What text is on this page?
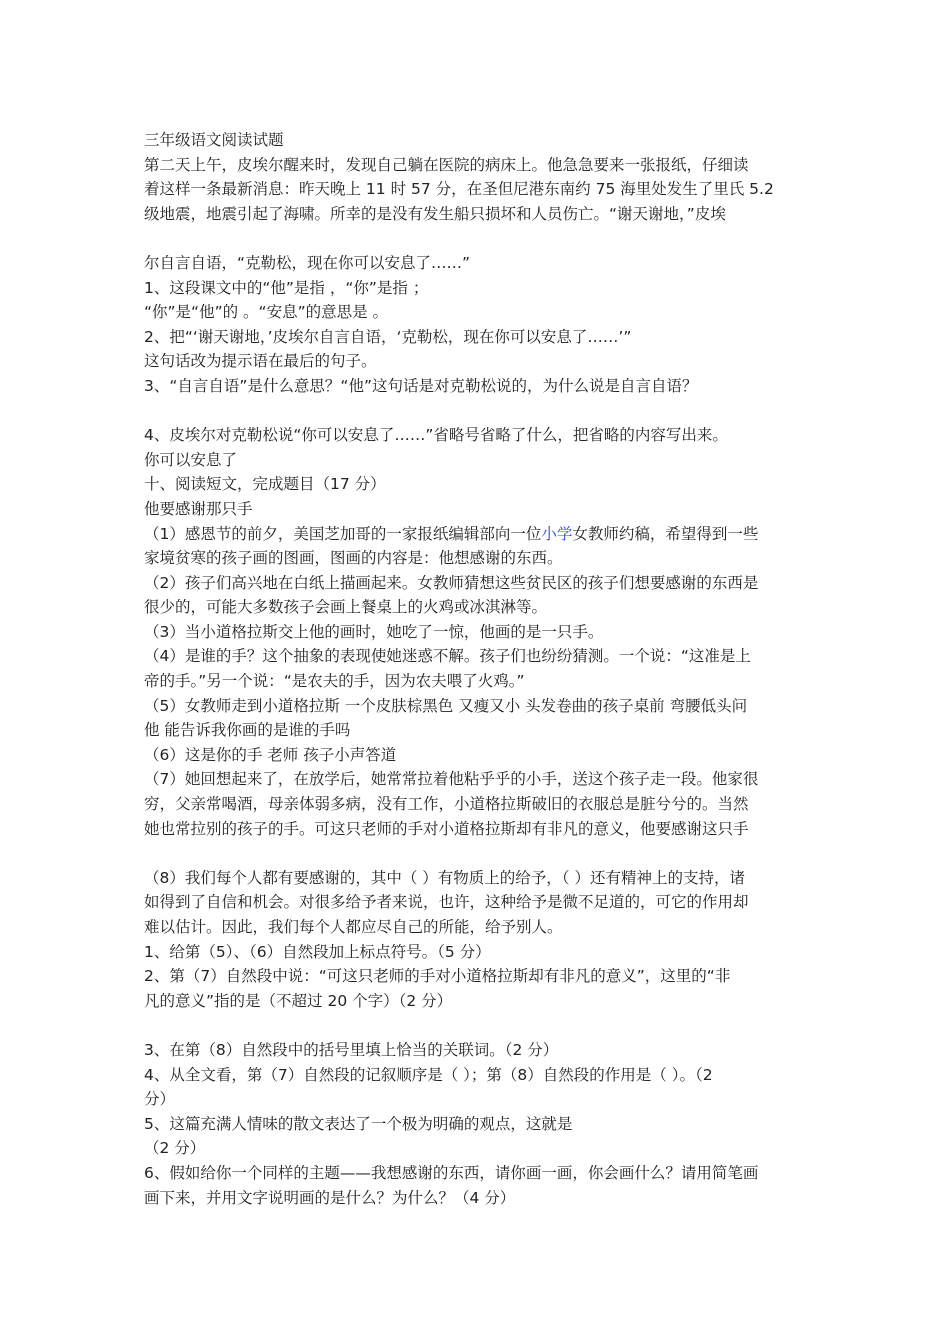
三年级语文阅读试题
第二天上午，皮埃尔醒来时，发现自己躺在医院的病床上。他急急要来一张报纸，仔细读
着这样一条最新消息：昨天晚上 11 时 57 分，在圣但尼港东南约 75 海里处发生了里氏 5.2
级地震，地震引起了海啸。所幸的是没有发生船只损坏和人员伤亡。“谢天谢地，”皮埃
尔自言自语，“克勒松，现在你可以安息了……”
1、这段课文中的“他”是指 ，“你”是指 ；
“你”是“他”的 。“安息”的意思是 。
2、把“‘谢天谢地，’皮埃尔自言自语，‘克勒松，现在你可以安息了……’”
这句话改为提示语在最后的句子。
3、“自言自语”是什么意思？“他”这句话是对克勒松说的，为什么说是自言自语？
4、皮埃尔对克勒松说“你可以安息了……”省略号省略了什么，把省略的内容写出来。
你可以安息了
十、阅读短文，完成题目（17 分）
他要感谢那只手
（1）感恩节的前夕，美国芝加哥的一家报纸编辑部向一位小学女教师约稿，希望得到一些
家境贫寒的孩子画的图画，图画的内容是：他想感谢的东西。
（2）孩子们高兴地在白纸上描画起来。女教师猜想这些贫民区的孩子们想要感谢的东西是
很少的，可能大多数孩子会画上餐桌上的火鸡或冰淇淋等。
（3）当小道格拉斯交上他的画时，她吃了一惊，他画的是一只手。
（4）是谁的手？这个抽象的表现使她迷惑不解。孩子们也纷纷猜测。一个说：“这准是上
帝的手。”另一个说：“是农夫的手，因为农夫喂了火鸡。”
（5）女教师走到小道格拉斯 一个皮肤棕黑色 又瘦又小 头发卷曲的孩子桌前 弯腰低头问
他 能告诉我你画的是谁的手吗
（6）这是你的手 老师 孩子小声答道
（7）她回想起来了，在放学后，她常常拉着他粘乎乎的小手，送这个孩子走一段。他家很
穷，父亲常喝酒，母亲体弱多病，没有工作，小道格拉斯破旧的衣服总是脏兮兮的。当然
她也常拉别的孩子的手。可这只老师的手对小道格拉斯却有非凡的意义，他要感谢这只手
（8）我们每个人都有要感谢的，其中（ ）有物质上的给予，（ ）还有精神上的支持，诸
如得到了自信和机会。对很多给予者来说，也许，这种给予是微不足道的，可它的作用却
难以估计。因此，我们每个人都应尽自己的所能，给予别人。
1、给第（5）、（6）自然段加上标点符号。（5 分）
2、第（7）自然段中说：“可这只老师的手对小道格拉斯却有非凡的意义”，这里的“非
凡的意义”指的是（不超过 20 个字）（2 分）
3、在第（8）自然段中的括号里填上恰当的关联词。（2 分）
4、从全文看，第（7）自然段的记叙顺序是（ ）；第（8）自然段的作用是（ ）。（2
分）
5、这篇充满人情味的散文表达了一个极为明确的观点，这就是
（2 分）
6、假如给你一个同样的主题——我想感谢的东西，请你画一画，你会画什么？请用简笔画
画下来，并用文字说明画的是什么？为什么？（4 分）
